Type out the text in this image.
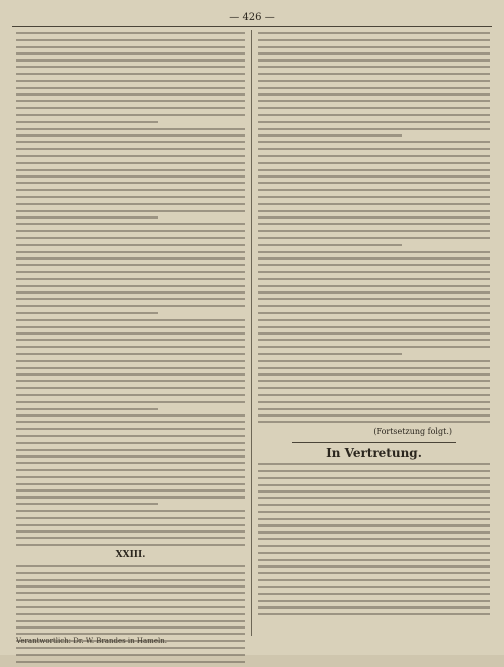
— 426 —
XXIII.
(Fortsetzung folgt.)
In Vertretung.
Verantwortlich: Dr. W. Brandes in Hameln.
